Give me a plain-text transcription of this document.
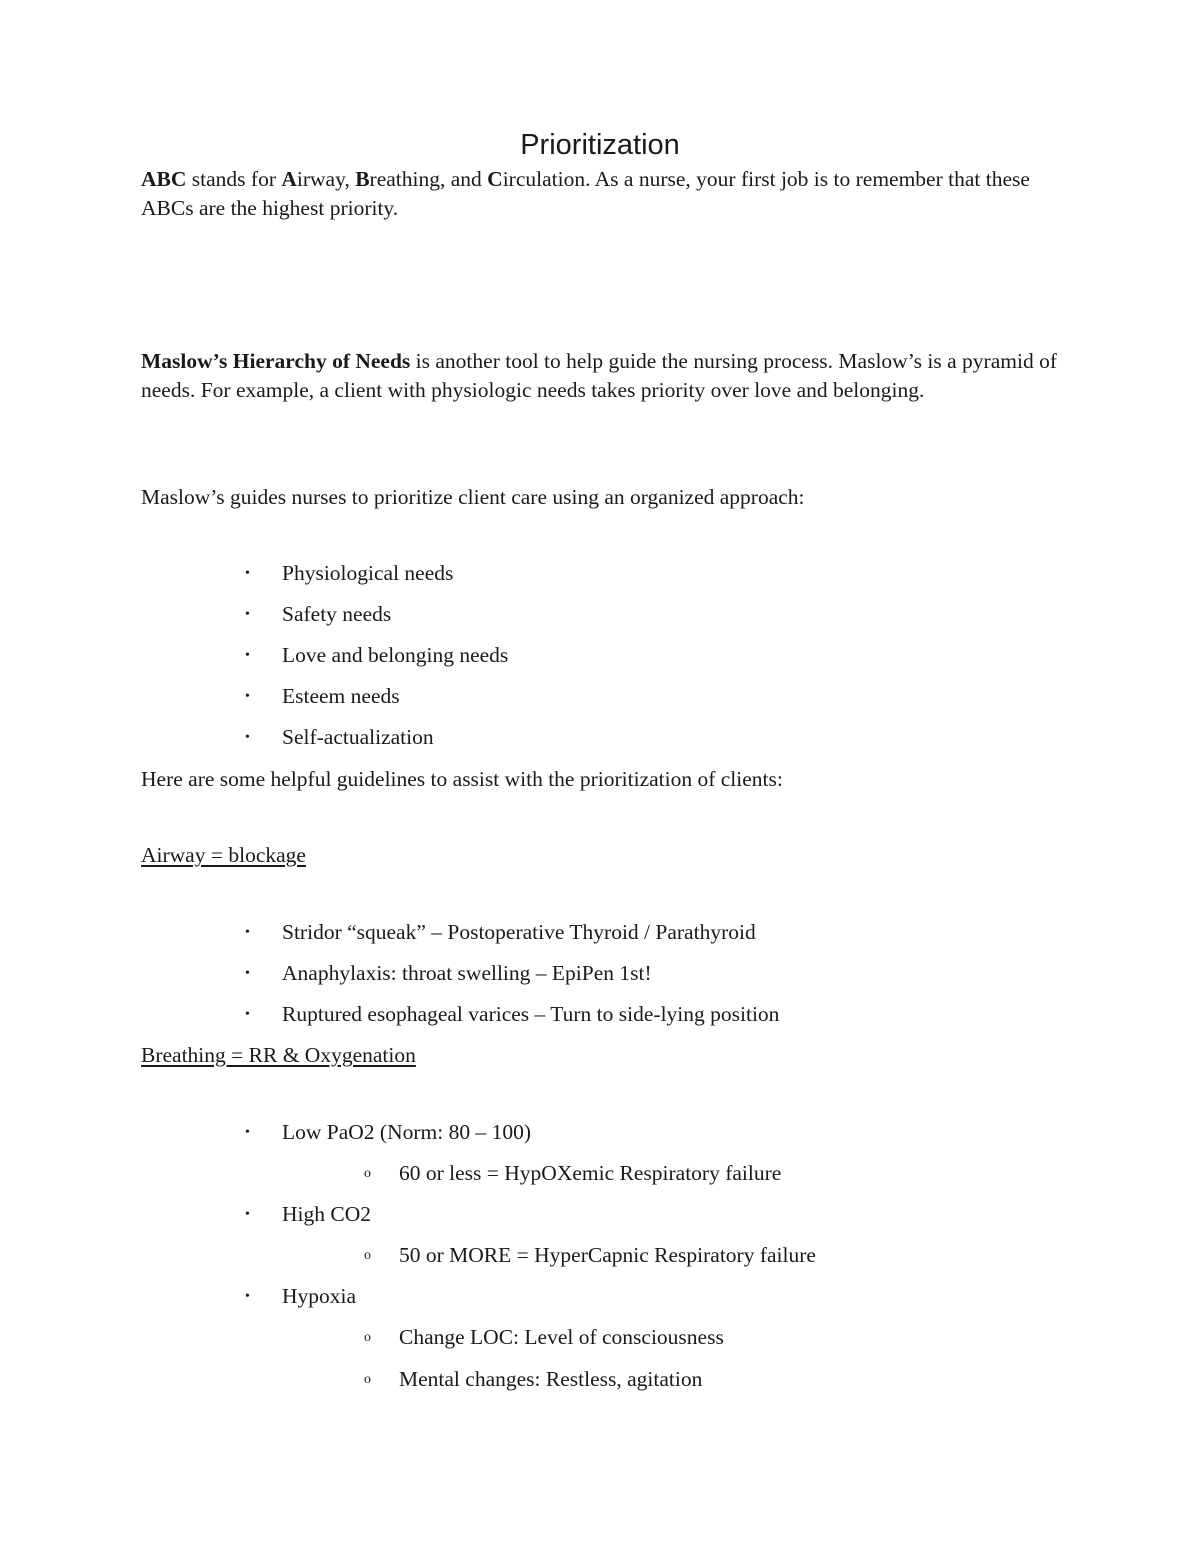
Prioritization

ABC stands for Airway, Breathing, and Circulation. As a nurse, your first job is to remember that these ABCs are the highest priority.

Maslow’s Hierarchy of Needs is another tool to help guide the nursing process. Maslow’s is a pyramid of needs. For example, a client with physiologic needs takes priority over love and belonging.

Maslow’s guides nurses to prioritize client care using an organized approach:

• Physiological needs
• Safety needs
• Love and belonging needs
• Esteem needs
• Self-actualization

Here are some helpful guidelines to assist with the prioritization of clients:

Airway = blockage

• Stridor “squeak” – Postoperative Thyroid / Parathyroid
• Anaphylaxis: throat swelling – EpiPen 1st!
• Ruptured esophageal varices – Turn to side-lying position

Breathing = RR & Oxygenation

• Low PaO2 (Norm: 80 – 100)
o 60 or less = HypOXemic Respiratory failure
• High CO2
o 50 or MORE = HyperCapnic Respiratory failure
• Hypoxia
o Change LOC: Level of consciousness
o Mental changes: Restless, agitation
